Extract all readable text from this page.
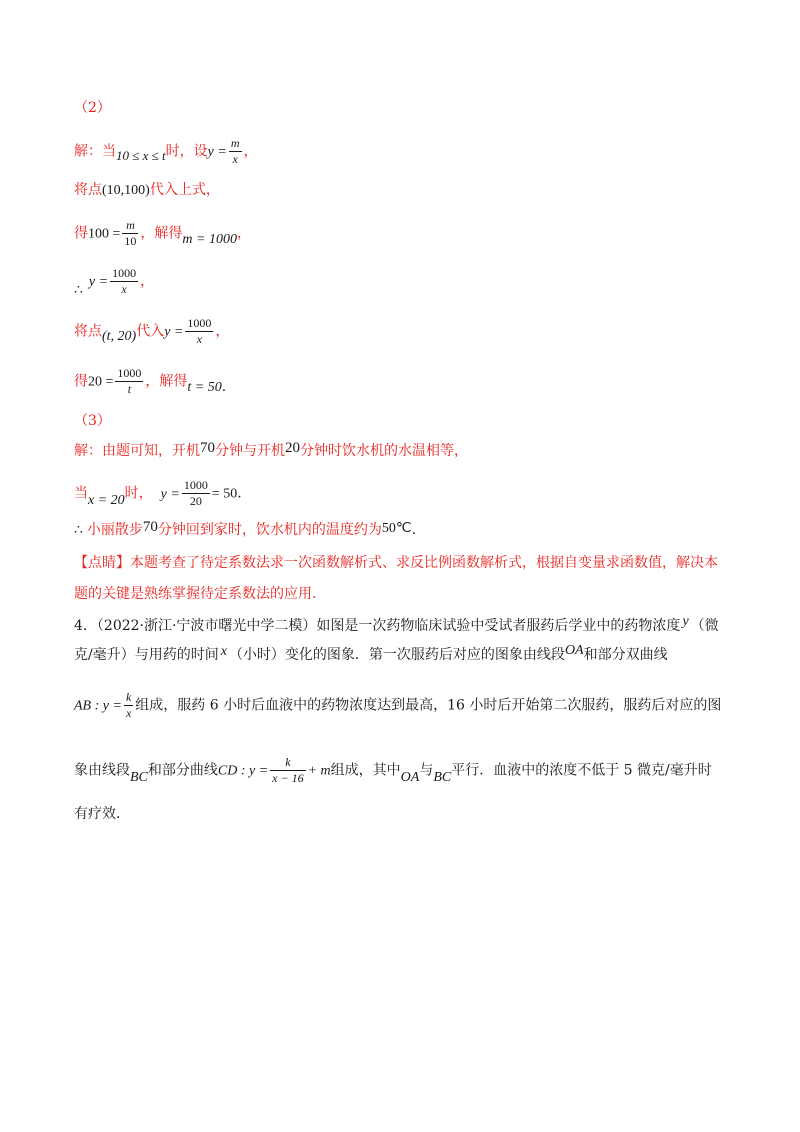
（2）
解：当10 ≤ x ≤ t时，设$y = \frac{m}{x}$ ，
将点(10,100)代入上式，
得$100 = \frac{m}{10}$ ，解得m = 1000，
∴ $y = \frac{1000}{x}$ ，
将点(t, 20)代入$y = \frac{1000}{x}$ ，
得$20 = \frac{1000}{t}$ ，解得t = 50.
（3）
解：由题可知，开机70分钟与开机20分钟时饮水机的水温相等，
当x = 20时， $y = \frac{1000}{20} = 50$.
∴ 小丽散步70分钟回到家时，饮水机内的温度约为50℃.
【点睛】本题考查了待定系数法求一次函数解析式、求反比例函数解析式，根据自变量求函数值，解决本
题的关键是熟练掌握待定系数法的应用.
4．（2022·浙江·宁波市曙光中学二模）如图是一次药物临床试验中受试者服药后学业中的药物浓度 y （微
克/毫升）与用药的时间 x （小时）变化的图象．第一次服药后对应的图象由线段OA和部分双曲线
AB : $y = \frac{k}{x}$ 组成，服药 6 小时后血液中的药物浓度达到最高，16 小时后开始第二次服药，服药后对应的图
象由线段BC和部分曲线CD : $y = \frac{k}{x - 16} + m$组成，其中OA与BC平行．血液中的浓度不低于 5 微克/毫升时
有疗效．
